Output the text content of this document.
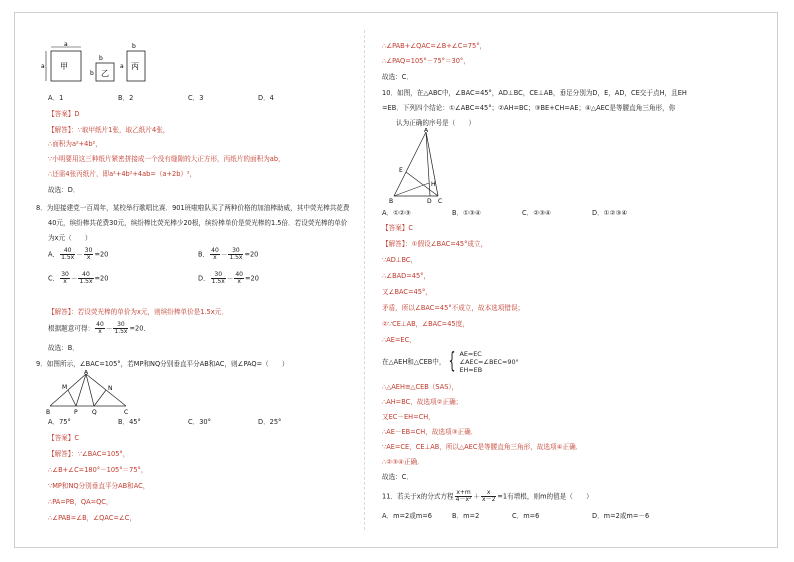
a
a 甲
b
b 乙
b
a 丙
A．1	B．2	C．3	D．4
【答案】D
【解答】：∵取甲纸片1张，取乙纸片4张，
∴面积为a²+4b²，
∵小明要用这三种纸片紧密拼接成一个没有缝隙的大正方形，丙纸片的面积为ab，
∴还需4张丙纸片，即a²+4b²+4ab=（a+2b）²，
故选：D．
8．为迎接建党一百周年，某校举行歌唱比赛．901班啦啦队买了两种价格的加油棒助威，其中荧光棒共花费
40元，缤纷棒共花费30元，缤纷棒比荧光棒少20根，缤纷棒单价是荧光棒的1.5倍．若设荧光棒的单价
为x元（　　）
A． $\frac{40}{1.5x} - \frac{30}{x} =20$	B． $\frac{40}{x} - \frac{30}{1.5x} =20$
C． $\frac{30}{x} - \frac{40}{1.5x} =20$	D． $\frac{30}{1.5x} - \frac{40}{x} =20$
【解答】：若设荧光棒的单价为x元，则缤纷棒单价是1.5x元．
根据题意可得： $\frac{40}{x} - \frac{30}{1.5x} =20$．
故选：B．
9．如图所示，∠BAC=105°，若MP和NQ分别垂直平分AB和AC，则∠PAQ=（　　）
A
M	N
B	P Q	C
A．75°	B．45°	C．30°	D．25°
【答案】C
【解答】：∵∠BAC=105°，
∴∠B+∠C=180°－105°＝75°，
∵MP和NQ分别垂直平分AB和AC，
∴PA=PB，QA=QC，
∴∠PAB=∠B，∠QAC=∠C，
∴∠PAB+∠QAC=∠B+∠C=75°，
∴∠PAQ=105°－75°＝30°，
故选：C．
10．如图，在△ABC中，∠BAC=45°，AD⊥BC，CE⊥AB，垂足分别为D，E，AD，CE交于点H，且EH
=EB．下列四个结论：①∠ABC=45°；②AH=BC；③BE+CH=AE；④△AEC是等腰直角三角形，你
认为正确的序号是（　　）
A
E
H
B	D C
A．①②③	B．①③④	C．②③④	D．①②③④
【答案】C
【解答】：①假设∠BAC=45°成立，
∵AD⊥BC，
∴∠BAD=45°，
又∠BAC=45°，
矛盾，所以∠BAC=45°不成立，故本选项错误；
②∵CE⊥AB，∠BAC=45度，
∴AE=EC，
在△AEH和△CEB中， { AE=EC
∠AEC=∠BEC=90°
EH=EB
∴△AEH≌△CEB（SAS），
∴AH=BC，故选项②正确；
又EC－EH=CH，
∴AE－EB=CH，故选项③正确．
∵AE=CE，CE⊥AB，所以△AEC是等腰直角三角形，故选项④正确．
∴②③④正确．
故选：C．
11．若关于x的分式方程 $\frac{x+m}{\text{4－x²}} + \frac{x}{x-2} =1$有增根，则m的值是（　　）
A．m=2或m=6	B．m=2	C．m=6	D．m=2或m=－6
